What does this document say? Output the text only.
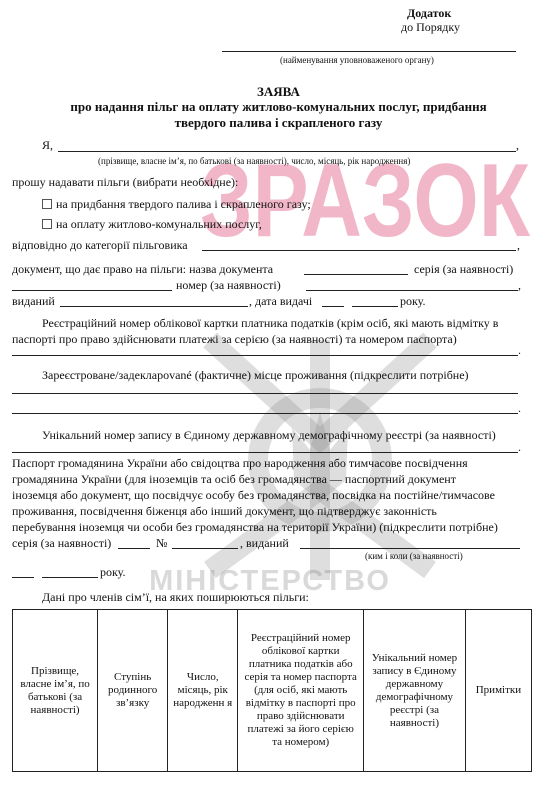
ЗРАЗОК
МІНІСТЕРСТВО
Додаток
до Порядку
(найменування уповноваженого органу)
ЗАЯВА
про надання пільг на оплату житлово-комунальних послуг, придбання
твердого палива і скрапленого газу
Я,	,
(прізвище, власне ім’я, по батькові (за наявності), число, місяць, рік народження)
прошу надавати пільги (вибрати необхідне):
на придбання твердого палива і скрапленого газу;
на оплату житлово-комунальних послуг,
відповідно до категорії пільговика	,
документ, що дає право на пільги: назва документа	серія (за наявності)
номер (за наявності)	,
виданий	, дата видачі	року.
Реєстраційний номер облікової картки платника податків (крім осіб, які мають відмітку в
паспорті про право здійснювати платежі за серією (за наявності) та номером паспорта)
.
Зареєстроване/задекларované (фактичне) місце проживання (підкреслити потрібне)
.
Унікальний номер запису в Єдиному державному демографічному реєстрі (за наявності)
.
Паспорт громадянина України або свідоцтва про народження або тимчасове посвідчення
громадянина України (для іноземців та осіб без громадянства — паспортний документ
іноземця або документ, що посвідчує особу без громадянства, посвідка на постійне/тимчасове
проживання, посвідчення біженця або інший документ, що підтверджує законність
перебування іноземця чи особи без громадянства на території України) (підкреслити потрібне)
серія (за наявності)	№	, виданий
(ким і коли (за наявності)
року.
Дані про членів сім’ї, на яких поширюються пільги:
Прізвище, власне ім’я, по батькові (за наявності)	Ступінь родинного зв’язку	Число, місяць, рік народженн я	Реєстраційний номер облікової картки платника податків або серія та номер паспорта (для осіб, які мають відмітку в паспорті про право здійснювати платежі за його серією та номером)	Унікальний номер запису в Єдиному державному демографічному реєстрі (за наявності)	Примітки
